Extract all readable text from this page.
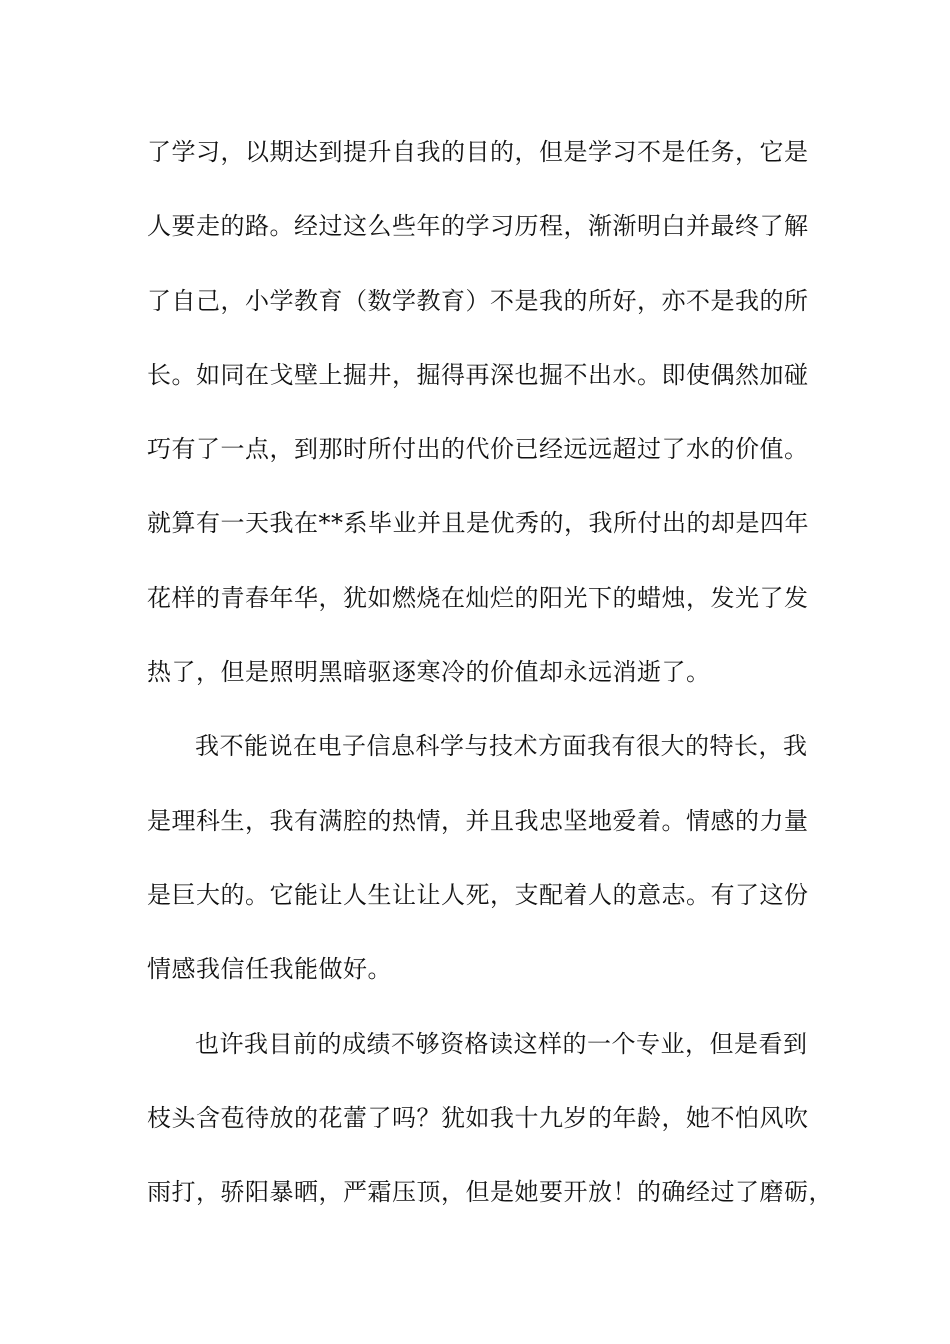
了学习，以期达到提升自我的目的，但是学习不是任务，它是
人要走的路。经过这么些年的学习历程，渐渐明白并最终了解
了自己，小学教育（数学教育）不是我的所好，亦不是我的所
长。如同在戈壁上掘井，掘得再深也掘不出水。即使偶然加碰
巧有了一点，到那时所付出的代价已经远远超过了水的价值。
就算有一天我在**系毕业并且是优秀的，我所付出的却是四年
花样的青春年华，犹如燃烧在灿烂的阳光下的蜡烛，发光了发
热了，但是照明黑暗驱逐寒冷的价值却永远消逝了。
我不能说在电子信息科学与技术方面我有很大的特长，我
是理科生，我有满腔的热情，并且我忠坚地爱着。情感的力量
是巨大的。它能让人生让让人死，支配着人的意志。有了这份
情感我信任我能做好。
也许我目前的成绩不够资格读这样的一个专业，但是看到
枝头含苞待放的花蕾了吗？犹如我十九岁的年龄，她不怕风吹
雨打，骄阳暴晒，严霜压顶，但是她要开放！的确经过了磨砺，
